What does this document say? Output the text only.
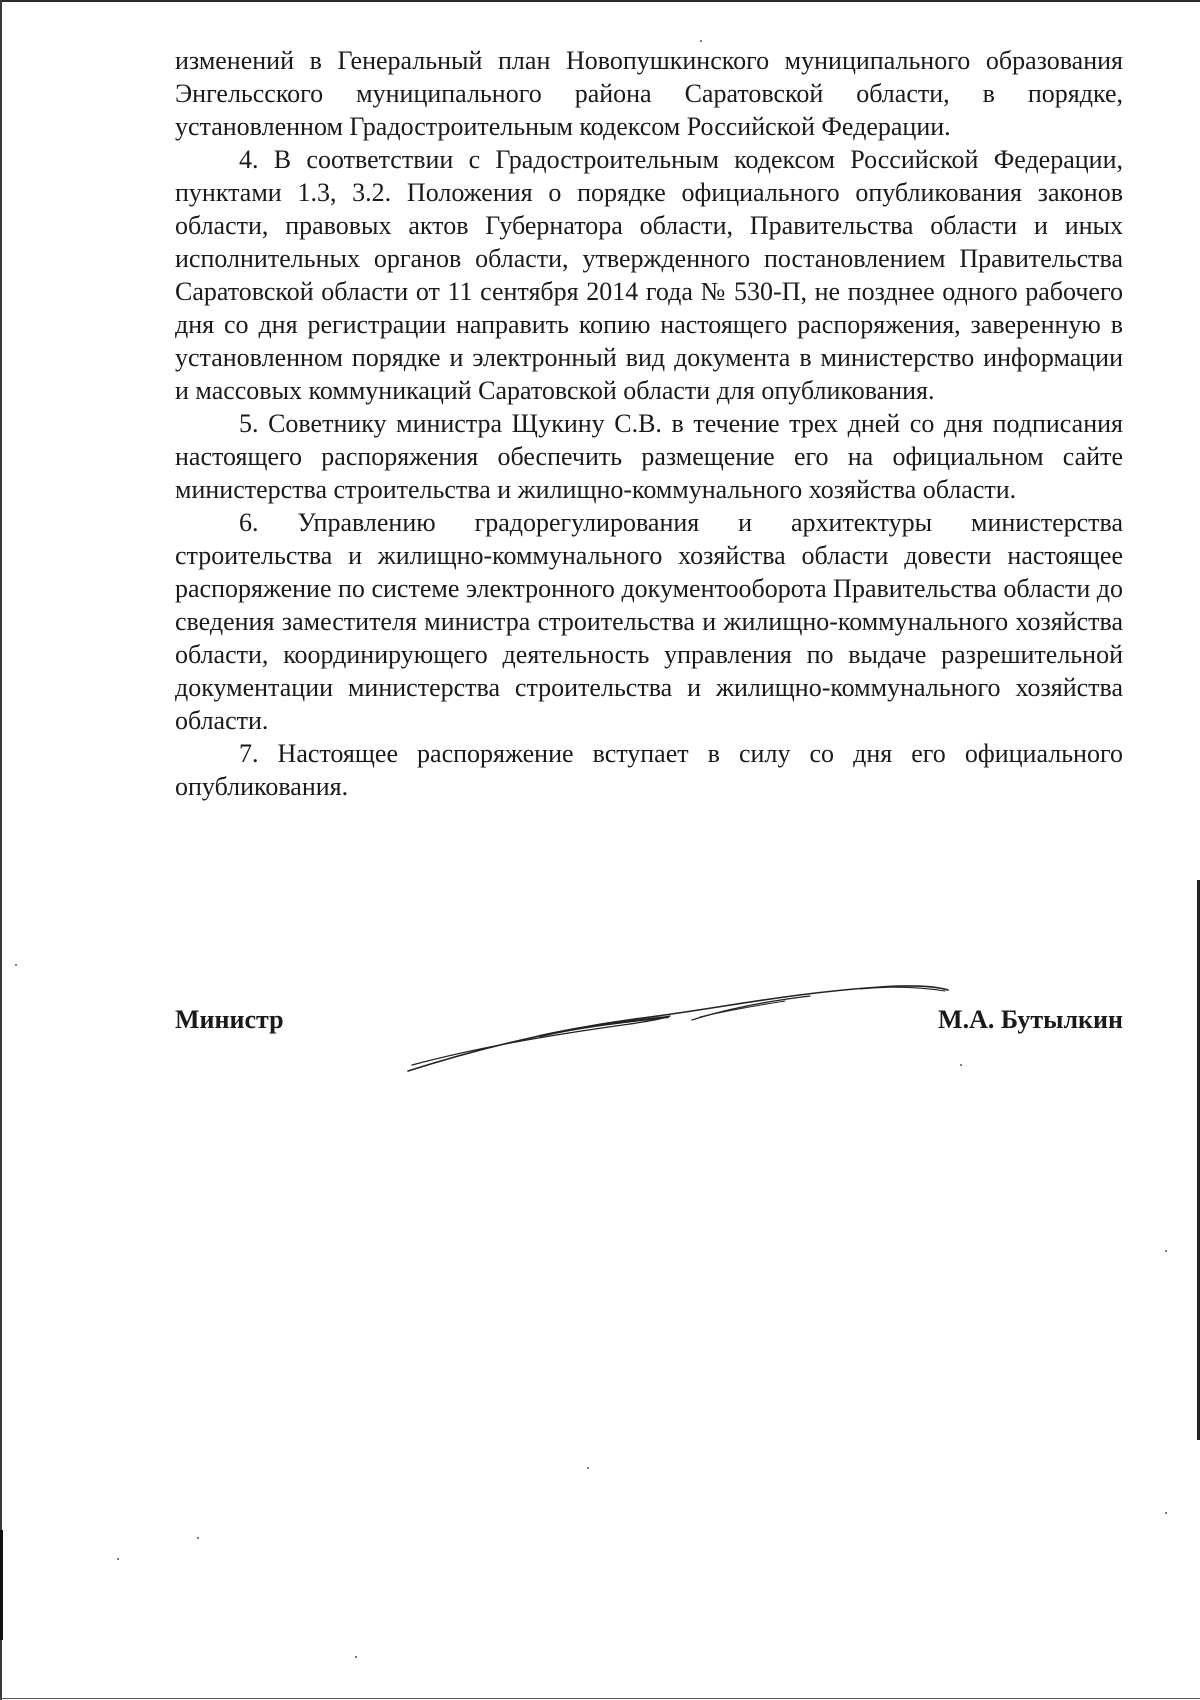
изменений в Генеральный план Новопушкинского муниципального образования Энгельсского муниципального района Саратовской области, в порядке, установленном Градостроительным кодексом Российской Федерации.

4. В соответствии с Градостроительным кодексом Российской Федерации, пунктами 1.3, 3.2. Положения о порядке официального опубликования законов области, правовых актов Губернатора области, Правительства области и иных исполнительных органов области, утвержденного постановлением Правительства Саратовской области от 11 сентября 2014 года № 530-П, не позднее одного рабочего дня со дня регистрации направить копию настоящего распоряжения, заверенную в установленном порядке и электронный вид документа в министерство информации и массовых коммуникаций Саратовской области для опубликования.

5. Советнику министра Щукину С.В. в течение трех дней со дня подписания настоящего распоряжения обеспечить размещение его на официальном сайте министерства строительства и жилищно-коммунального хозяйства области.

6. Управлению градорегулирования и архитектуры министерства строительства и жилищно-коммунального хозяйства области довести настоящее распоряжение по системе электронного документооборота Правительства области до сведения заместителя министра строительства и жилищно-коммунального хозяйства области, координирующего деятельность управления по выдаче разрешительной документации министерства строительства и жилищно-коммунального хозяйства области.

7. Настоящее распоряжение вступает в силу со дня его официального опубликования.

Министр	М.А. Бутылкин
